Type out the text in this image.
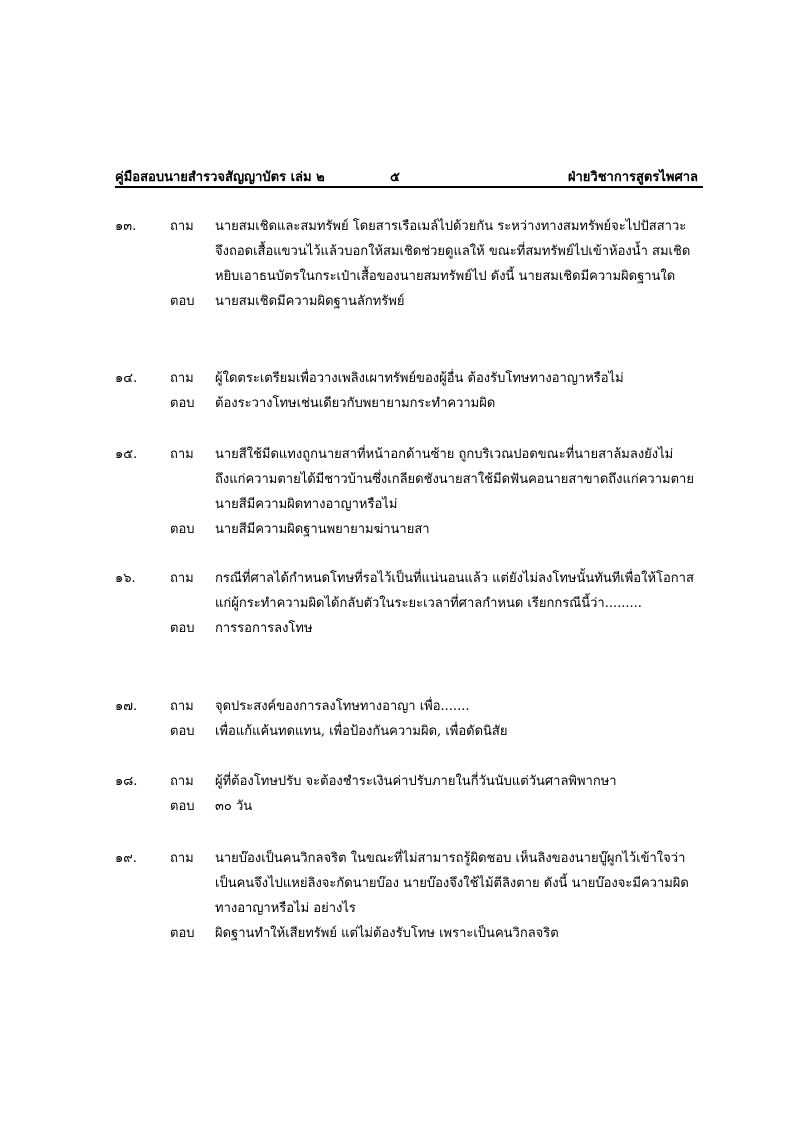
คู่มือสอบนายสำรวจสัญญาบัตร เล่ม ๒	๕	ฝ่ายวิชาการสูตรไพศาล
๑๓.	ถาม	นายสมเชิดและสมทรัพย์ โดยสารเรือเมล์ไปด้วยกัน ระหว่างทางสมทรัพย์จะไปปัสสาวะ จึงถอดเสื้อแขวนไว้แล้วบอกให้สมเชิดช่วยดูแลให้ ขณะที่สมทรัพย์ไปเข้าห้องน้ำ สมเชิดหยิบเอาธนบัตรในกระเป๋าเสื้อของนายสมทรัพย์ไป ดังนี้ นายสมเชิดมีความผิดฐานใด
ตอบ	นายสมเชิดมีความผิดฐานลักทรัพย์
๑๔.	ถาม	ผู้ใดตระเตรียมเพื่อวางเพลิงเผาทรัพย์ของผู้อื่น ต้องรับโทษทางอาญาหรือไม่
ตอบ	ต้องระวางโทษเช่นเดียวกับพยายามกระทำความผิด
๑๕.	ถาม	นายสีใช้มีดแทงถูกนายสาที่หน้าอกด้านซ้าย ถูกบริเวณปอดขณะที่นายสาล้มลงยังไม่ถึงแก่ความตายได้มีชาวบ้านซึ่งเกลียดชังนายสาใช้มีดฟันคอนายสาขาดถึงแก่ความตาย นายสีมีความผิดทางอาญาหรือไม่
ตอบ	นายสีมีความผิดฐานพยายามฆ่านายสา
๑๖.	ถาม	กรณีที่ศาลได้กำหนดโทษที่รอไว้เป็นที่แน่นอนแล้ว แต่ยังไม่ลงโทษนั้นทันทีเพื่อให้โอกาสแก่ผู้กระทำความผิดได้กลับตัวในระยะเวลาที่ศาลกำหนด เรียกกรณีนี้ว่า.........
ตอบ	การรอการลงโทษ
๑๗.	ถาม	จุดประสงค์ของการลงโทษทางอาญา เพื่อ.......
ตอบ	เพื่อแก้แค้นทดแทน, เพื่อป้องกันความผิด, เพื่อดัดนิสัย
๑๘.	ถาม	ผู้ที่ต้องโทษปรับ จะต้องชำระเงินค่าปรับภายในกี่วันนับแต่วันศาลพิพากษา
ตอบ	๓๐ วัน
๑๙.	ถาม	นายบ๊องเป็นคนวิกลจริต ในขณะที่ไม่สามารถรู้ผิดชอบ เห็นลิงของนายบู๊ผูกไว้เข้าใจว่าเป็นคนจึงไปแหย่ลิงจะกัดนายบ๊อง นายบ๊องจึงใช้ไม้ตีลิงตาย ดังนี้ นายบ๊องจะมีความผิดทางอาญาหรือไม่ อย่างไร
ตอบ	ผิดฐานทำให้เสียทรัพย์ แต่ไม่ต้องรับโทษ เพราะเป็นคนวิกลจริต
